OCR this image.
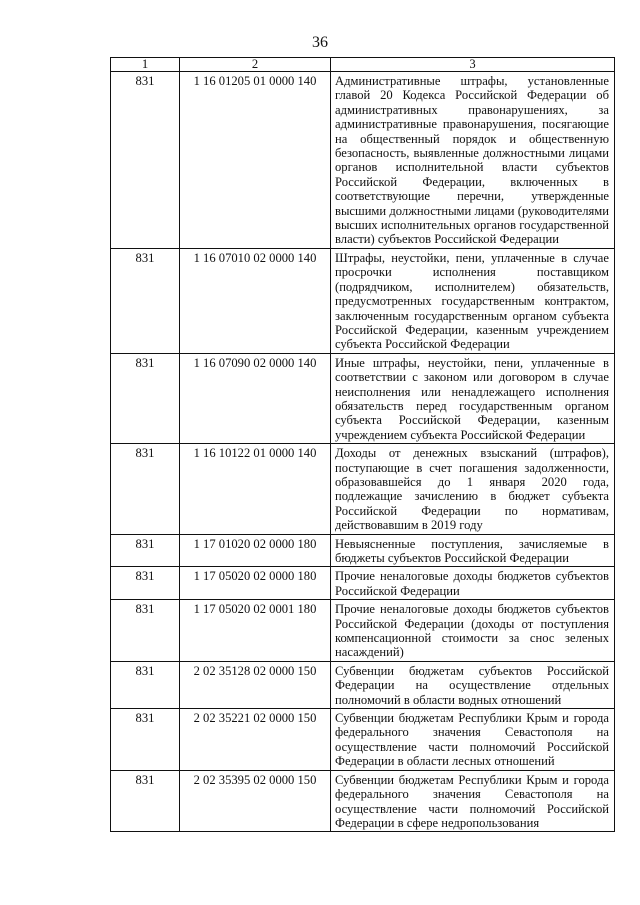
36
1	2	3
831	1 16 01205 01 0000 140	Административные штрафы, установленные главой 20 Кодекса Российской Федерации об административных правонарушениях, за административные правонарушения, посягающие на общественный порядок и общественную безопасность, выявленные должностными лицами органов исполнительной власти субъектов Российской Федерации, включенных в соответствующие перечни, утвержденные высшими должностными лицами (руководителями высших исполнительных органов государственной власти) субъектов Российской Федерации
831	1 16 07010 02 0000 140	Штрафы, неустойки, пени, уплаченные в случае просрочки исполнения поставщиком (подрядчиком, исполнителем) обязательств, предусмотренных государственным контрактом, заключенным государственным органом субъекта Российской Федерации, казенным учреждением субъекта Российской Федерации
831	1 16 07090 02 0000 140	Иные штрафы, неустойки, пени, уплаченные в соответствии с законом или договором в случае неисполнения или ненадлежащего исполнения обязательств перед государственным органом субъекта Российской Федерации, казенным учреждением субъекта Российской Федерации
831	1 16 10122 01 0000 140	Доходы от денежных взысканий (штрафов), поступающие в счет погашения задолженности, образовавшейся до 1 января 2020 года, подлежащие зачислению в бюджет субъекта Российской Федерации по нормативам, действовавшим в 2019 году
831	1 17 01020 02 0000 180	Невыясненные поступления, зачисляемые в бюджеты субъектов Российской Федерации
831	1 17 05020 02 0000 180	Прочие неналоговые доходы бюджетов субъектов Российской Федерации
831	1 17 05020 02 0001 180	Прочие неналоговые доходы бюджетов субъектов Российской Федерации (доходы от поступления компенсационной стоимости за снос зеленых насаждений)
831	2 02 35128 02 0000 150	Субвенции бюджетам субъектов Российской Федерации на осуществление отдельных полномочий в области водных отношений
831	2 02 35221 02 0000 150	Субвенции бюджетам Республики Крым и города федерального значения Севастополя на осуществление части полномочий Российской Федерации в области лесных отношений
831	2 02 35395 02 0000 150	Субвенции бюджетам Республики Крым и города федерального значения Севастополя на осуществление части полномочий Российской Федерации в сфере недропользования
